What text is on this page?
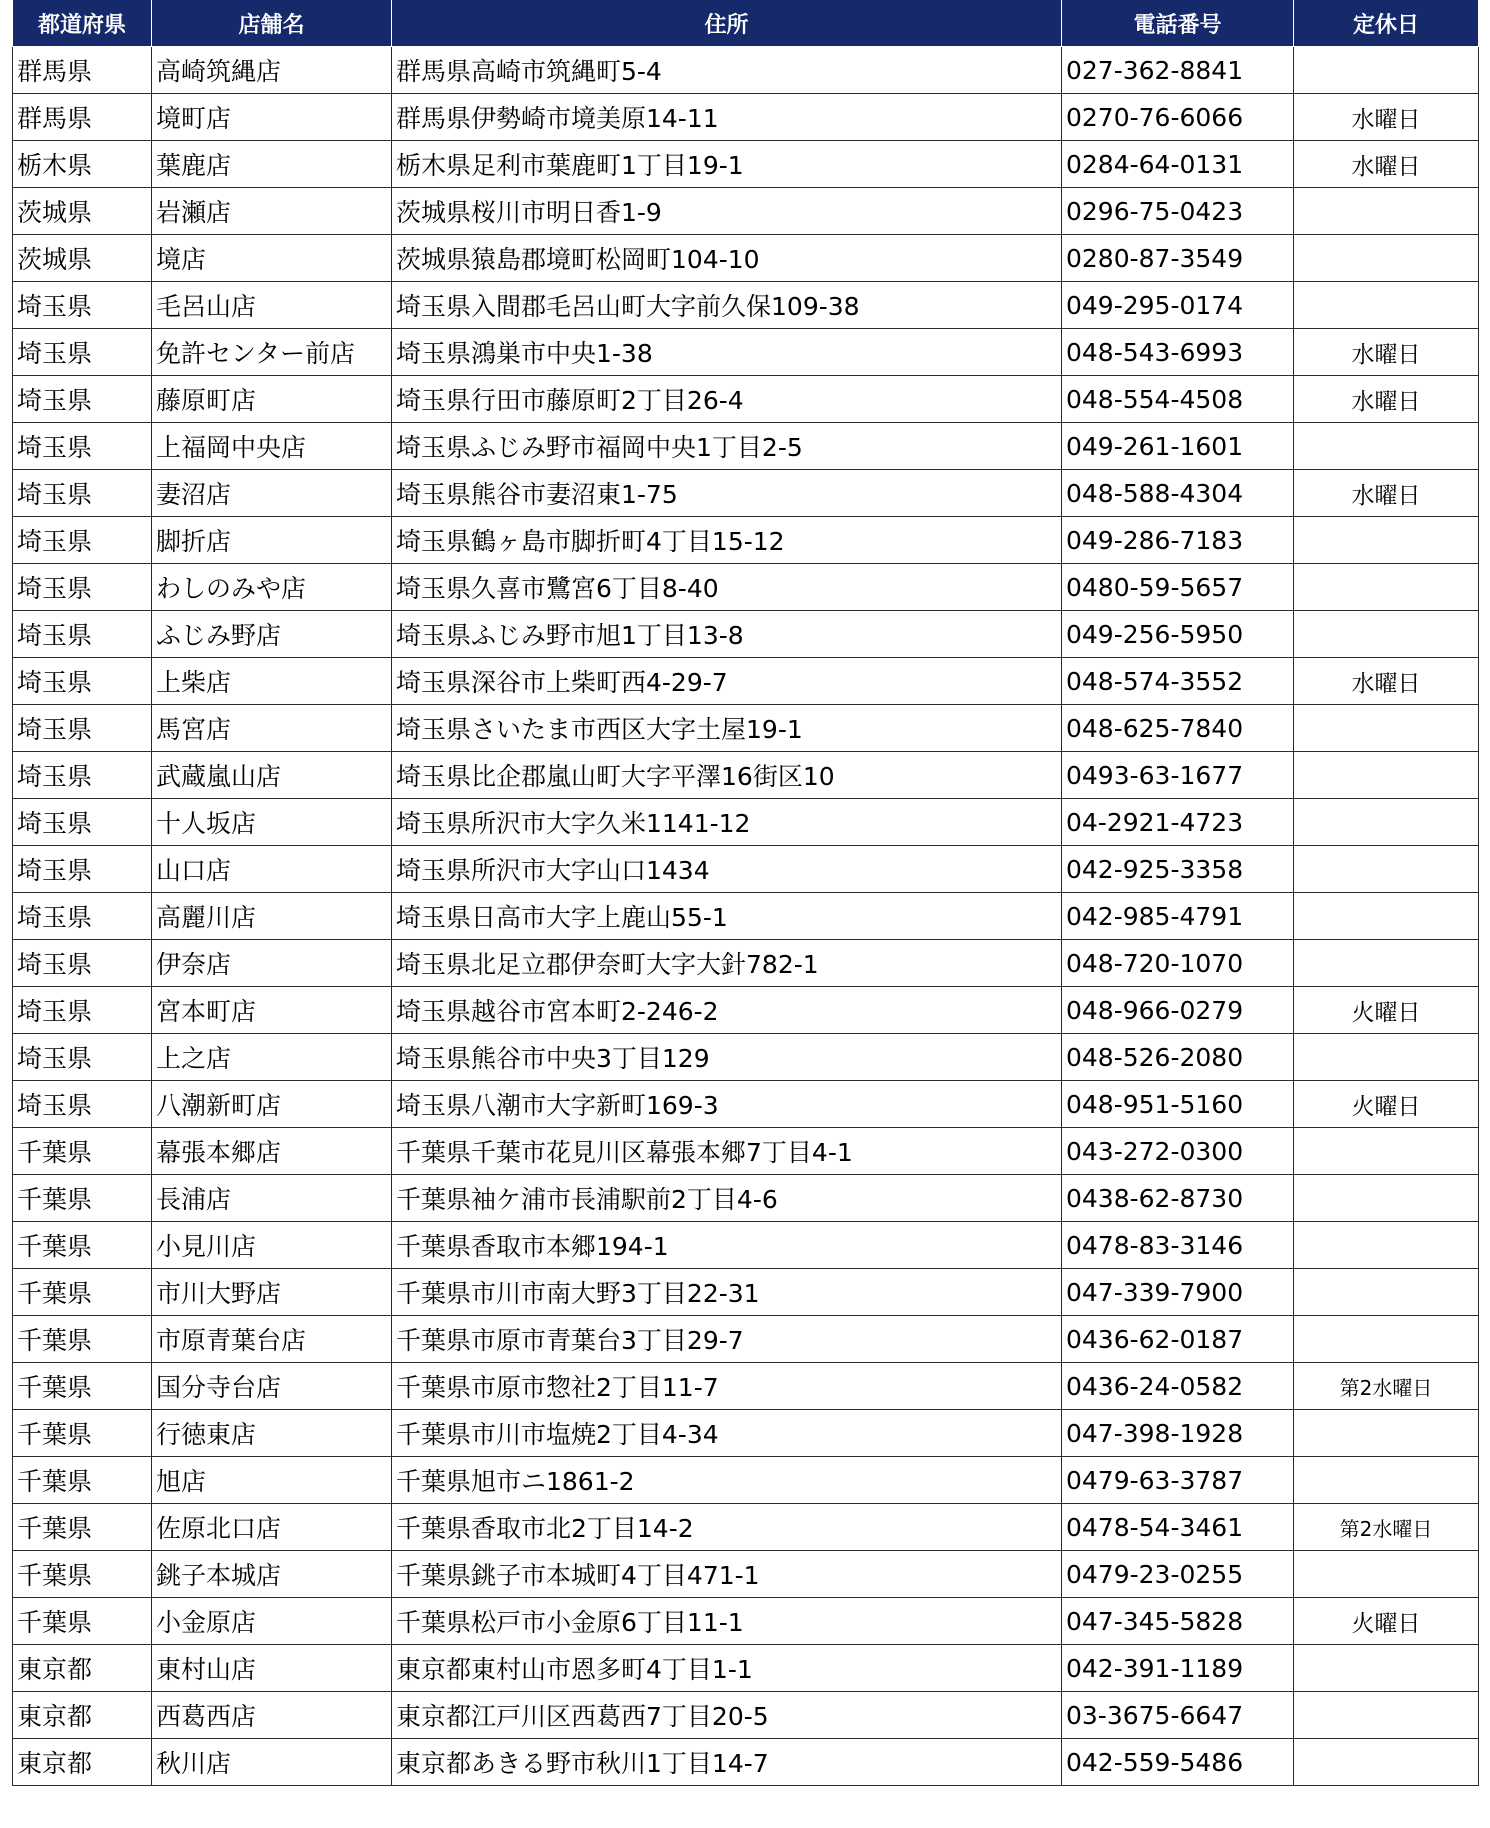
都道府県	店舗名	住所	電話番号	定休日
群馬県	高崎筑縄店	群馬県高崎市筑縄町5-4	027-362-8841	
群馬県	境町店	群馬県伊勢崎市境美原14-11	0270-76-6066	水曜日
栃木県	葉鹿店	栃木県足利市葉鹿町1丁目19-1	0284-64-0131	水曜日
茨城県	岩瀬店	茨城県桜川市明日香1-9	0296-75-0423	
茨城県	境店	茨城県猿島郡境町松岡町104-10	0280-87-3549	
埼玉県	毛呂山店	埼玉県入間郡毛呂山町大字前久保109-38	049-295-0174	
埼玉県	免許センター前店	埼玉県鴻巣市中央1-38	048-543-6993	水曜日
埼玉県	藤原町店	埼玉県行田市藤原町2丁目26-4	048-554-4508	水曜日
埼玉県	上福岡中央店	埼玉県ふじみ野市福岡中央1丁目2-5	049-261-1601	
埼玉県	妻沼店	埼玉県熊谷市妻沼東1-75	048-588-4304	水曜日
埼玉県	脚折店	埼玉県鶴ヶ島市脚折町4丁目15-12	049-286-7183	
埼玉県	わしのみや店	埼玉県久喜市鷺宮6丁目8-40	0480-59-5657	
埼玉県	ふじみ野店	埼玉県ふじみ野市旭1丁目13-8	049-256-5950	
埼玉県	上柴店	埼玉県深谷市上柴町西4-29-7	048-574-3552	水曜日
埼玉県	馬宮店	埼玉県さいたま市西区大字土屋19-1	048-625-7840	
埼玉県	武蔵嵐山店	埼玉県比企郡嵐山町大字平澤16街区10	0493-63-1677	
埼玉県	十人坂店	埼玉県所沢市大字久米1141-12	04-2921-4723	
埼玉県	山口店	埼玉県所沢市大字山口1434	042-925-3358	
埼玉県	高麗川店	埼玉県日高市大字上鹿山55-1	042-985-4791	
埼玉県	伊奈店	埼玉県北足立郡伊奈町大字大針782-1	048-720-1070	
埼玉県	宮本町店	埼玉県越谷市宮本町2-246-2	048-966-0279	火曜日
埼玉県	上之店	埼玉県熊谷市中央3丁目129	048-526-2080	
埼玉県	八潮新町店	埼玉県八潮市大字新町169-3	048-951-5160	火曜日
千葉県	幕張本郷店	千葉県千葉市花見川区幕張本郷7丁目4-1	043-272-0300	
千葉県	長浦店	千葉県袖ケ浦市長浦駅前2丁目4-6	0438-62-8730	
千葉県	小見川店	千葉県香取市本郷194-1	0478-83-3146	
千葉県	市川大野店	千葉県市川市南大野3丁目22-31	047-339-7900	
千葉県	市原青葉台店	千葉県市原市青葉台3丁目29-7	0436-62-0187	
千葉県	国分寺台店	千葉県市原市惣社2丁目11-7	0436-24-0582	第2水曜日
千葉県	行徳東店	千葉県市川市塩焼2丁目4-34	047-398-1928	
千葉県	旭店	千葉県旭市ニ1861-2	0479-63-3787	
千葉県	佐原北口店	千葉県香取市北2丁目14-2	0478-54-3461	第2水曜日
千葉県	銚子本城店	千葉県銚子市本城町4丁目471-1	0479-23-0255	
千葉県	小金原店	千葉県松戸市小金原6丁目11-1	047-345-5828	火曜日
東京都	東村山店	東京都東村山市恩多町4丁目1-1	042-391-1189	
東京都	西葛西店	東京都江戸川区西葛西7丁目20-5	03-3675-6647	
東京都	秋川店	東京都あきる野市秋川1丁目14-7	042-559-5486	
